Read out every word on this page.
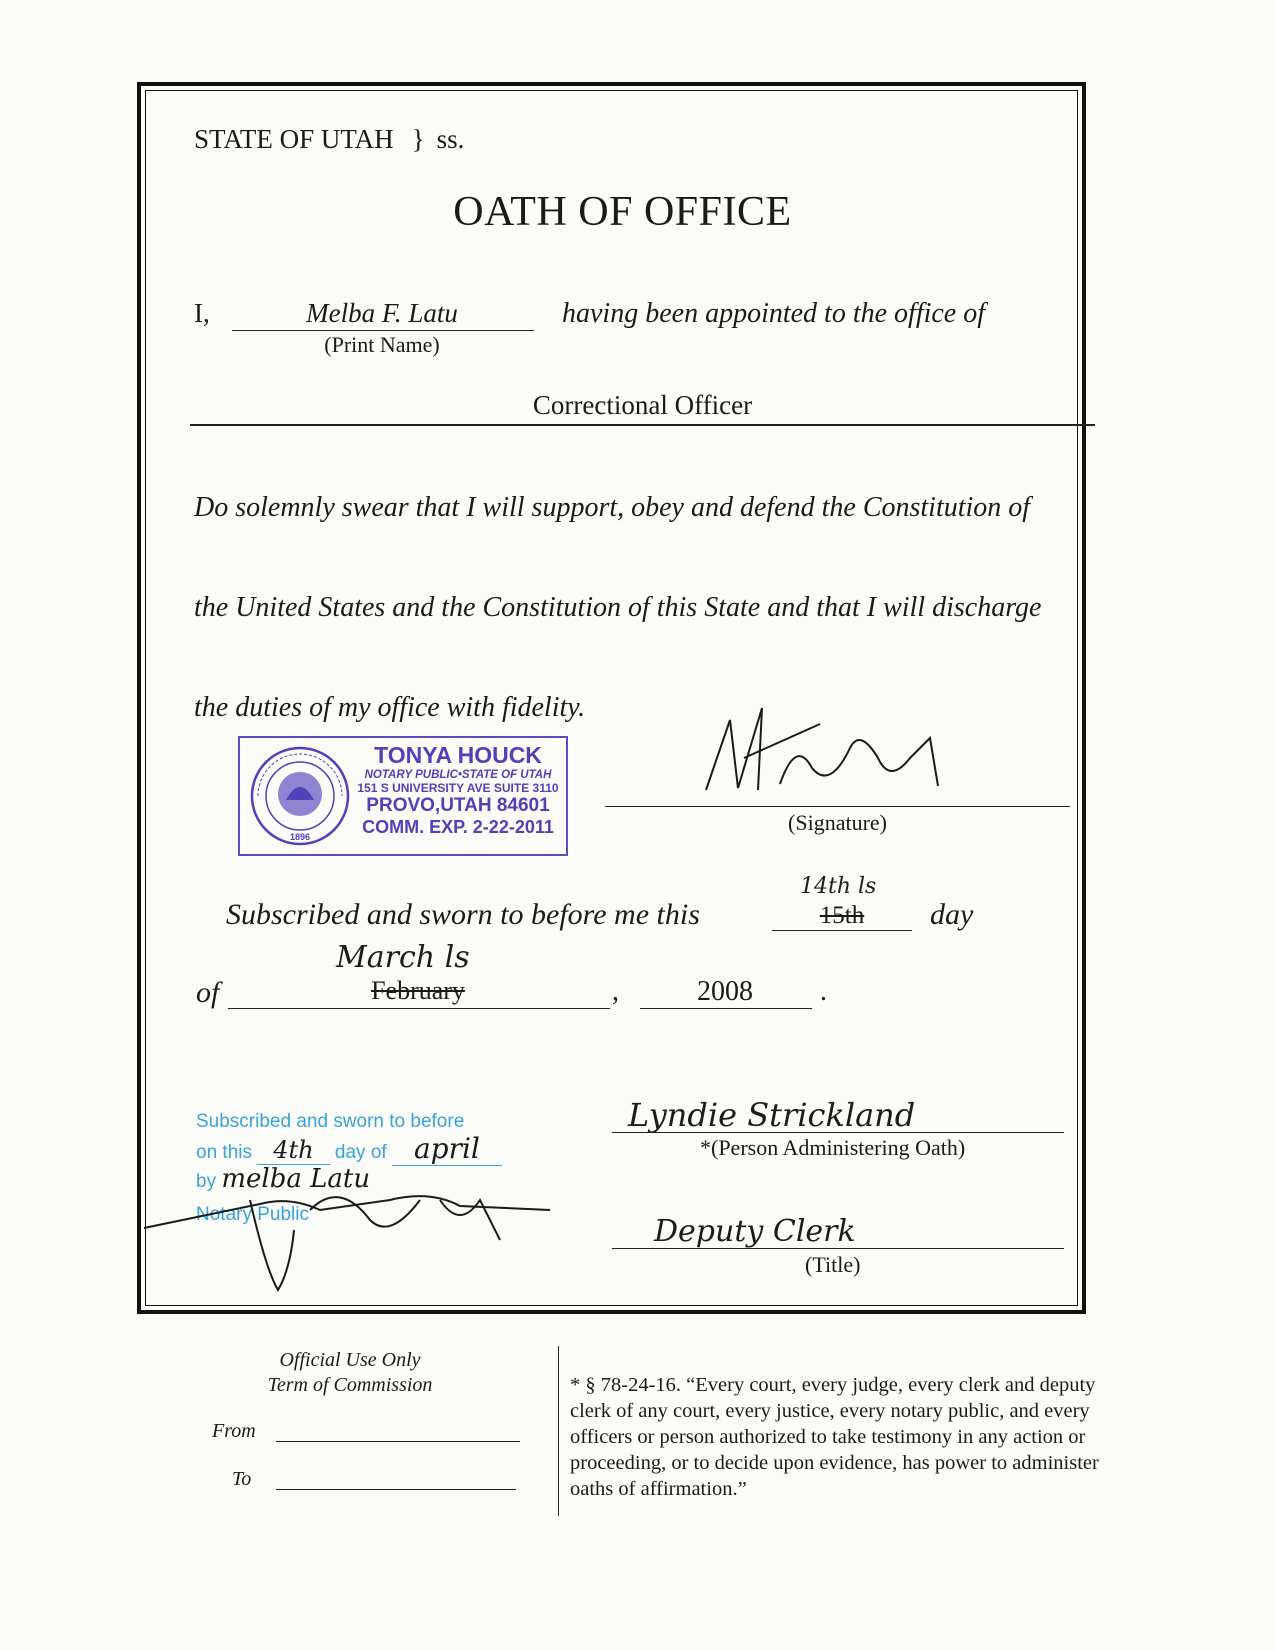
STATE OF UTAH } ss.
OATH OF OFFICE
I,	Melba F. Latu
(Print Name)
having been appointed to the office of
Correctional Officer
Do solemnly swear that I will support, obey and defend the Constitution of
the United States and the Constitution of this State and that I will discharge
the duties of my office with fidelity.
1896
TONYA HOUCK
NOTARY PUBLIC•STATE OF UTAH
151 S UNIVERSITY AVE SUITE 3110
PROVO,UTAH 84601
COMM. EXP. 2-22-2011	(Signature)
Subscribed and sworn to before me this
14th ls
15th	day
of
March ls
February	,	2008	.
Lyndie Strickland
*(Person Administering Oath)
Deputy Clerk
(Title)
Subscribed and sworn to before
on this 4th day of april
by melba Latu
Notary Public
Official Use Only
Term of Commission
From
To
* § 78-24-16. “Every court, every judge, every clerk and deputy clerk of any court, every justice, every notary public, and every officers or person authorized to take testimony in any action or proceeding, or to decide upon evidence, has power to administer oaths of affirmation.”
